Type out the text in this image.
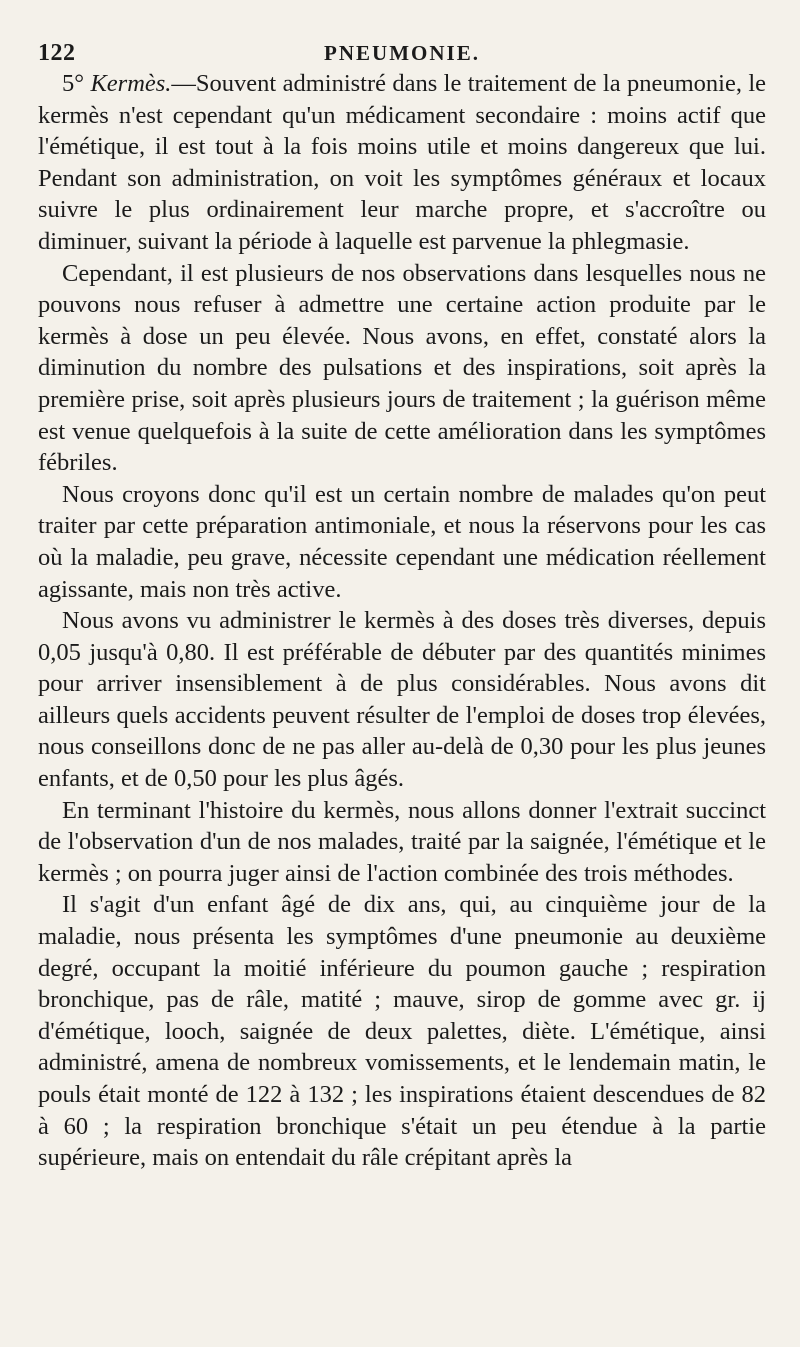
122	PNEUMONIE.

5° Kermès.—Souvent administré dans le traitement de la pneumonie, le kermès n'est cependant qu'un médicament secondaire : moins actif que l'émétique, il est tout à la fois moins utile et moins dangereux que lui. Pendant son administration, on voit les symptômes généraux et locaux suivre le plus ordinairement leur marche propre, et s'accroître ou diminuer, suivant la période à laquelle est parvenue la phlegmasie.

Cependant, il est plusieurs de nos observations dans lesquelles nous ne pouvons nous refuser à admettre une certaine action produite par le kermès à dose un peu élevée. Nous avons, en effet, constaté alors la diminution du nombre des pulsations et des inspirations, soit après la première prise, soit après plusieurs jours de traitement ; la guérison même est venue quelquefois à la suite de cette amélioration dans les symptômes fébriles.

Nous croyons donc qu'il est un certain nombre de malades qu'on peut traiter par cette préparation antimoniale, et nous la réservons pour les cas où la maladie, peu grave, nécessite cependant une médication réellement agissante, mais non très active.

Nous avons vu administrer le kermès à des doses très diverses, depuis 0,05 jusqu'à 0,80. Il est préférable de débuter par des quantités minimes pour arriver insensiblement à de plus considérables. Nous avons dit ailleurs quels accidents peuvent résulter de l'emploi de doses trop élevées, nous conseillons donc de ne pas aller au-delà de 0,30 pour les plus jeunes enfants, et de 0,50 pour les plus âgés.

En terminant l'histoire du kermès, nous allons donner l'extrait succinct de l'observation d'un de nos malades, traité par la saignée, l'émétique et le kermès ; on pourra juger ainsi de l'action combinée des trois méthodes.

Il s'agit d'un enfant âgé de dix ans, qui, au cinquième jour de la maladie, nous présenta les symptômes d'une pneumonie au deuxième degré, occupant la moitié inférieure du poumon gauche ; respiration bronchique, pas de râle, matité ; mauve, sirop de gomme avec gr. ij d'émétique, looch, saignée de deux palettes, diète. L'émétique, ainsi administré, amena de nombreux vomissements, et le lendemain matin, le pouls était monté de 122 à 132 ; les inspirations étaient descendues de 82 à 60 ; la respiration bronchique s'était un peu étendue à la partie supérieure, mais on entendait du râle crépitant après la
